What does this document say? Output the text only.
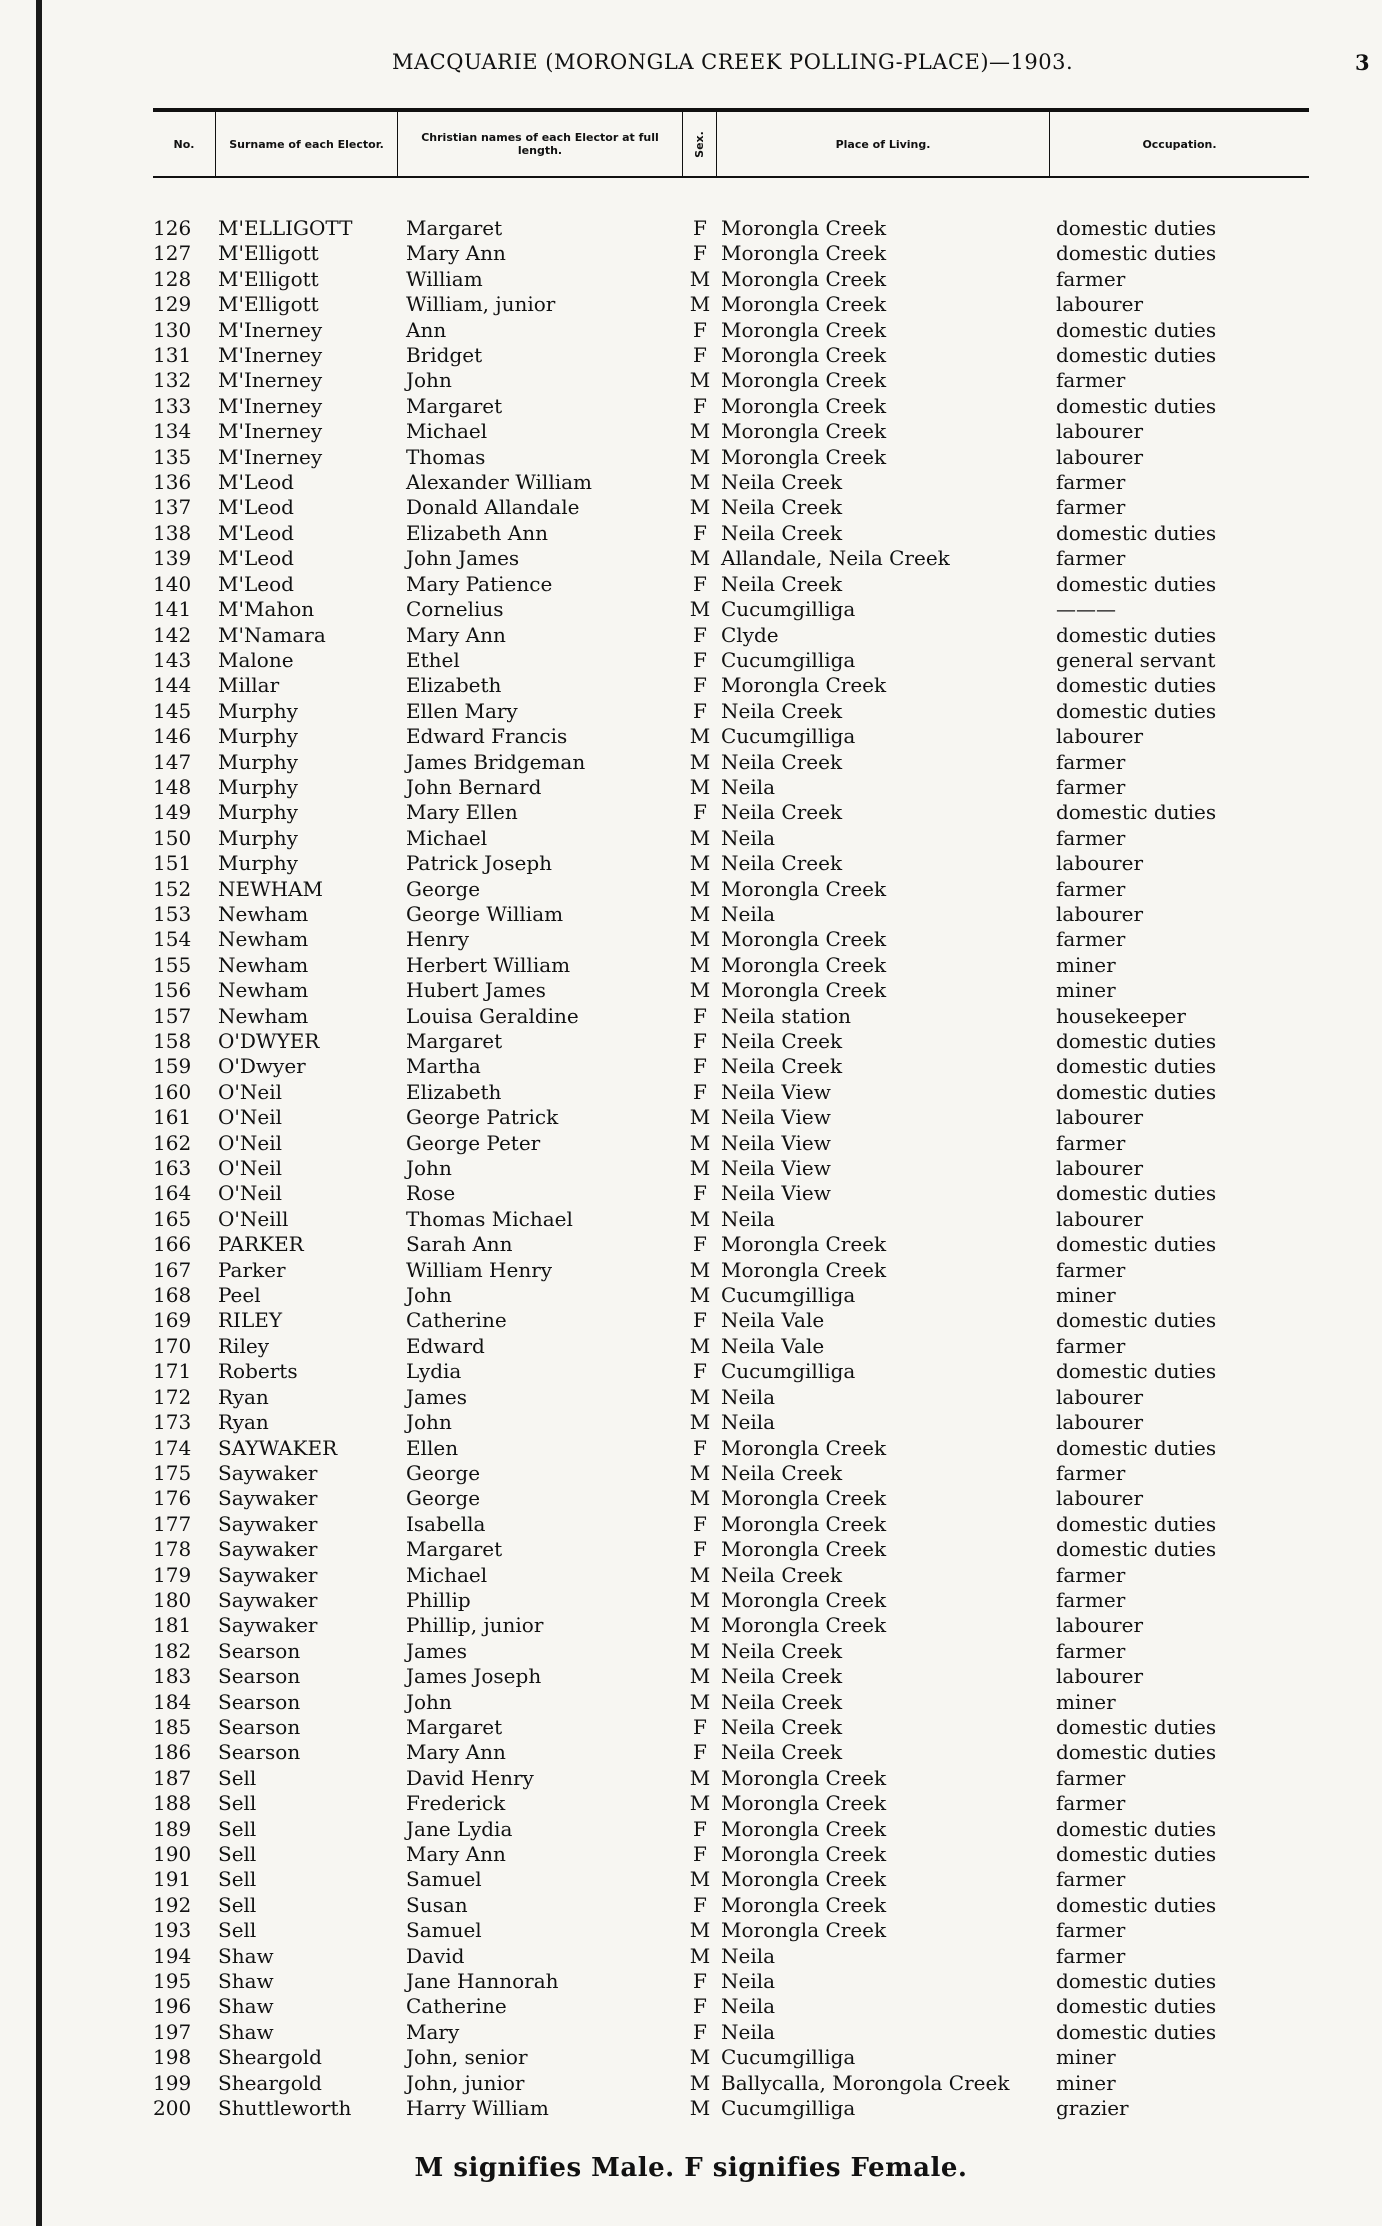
MACQUARIE (MORONGLA CREEK POLLING-PLACE)—1903.	3
No.	Surname of each Elector.	Christian names of each Elector at full length.	Sex.	Place of Living.	Occupation.
126	M'ELLIGOTT	Margaret	F Morongla Creek	domestic duties
127	M'Elligott	Mary Ann	F Morongla Creek	domestic duties
128	M'Elligott	William	M Morongla Creek	farmer
129	M'Elligott	William, junior	M Morongla Creek	labourer
130	M'Inerney	Ann	F Morongla Creek	domestic duties
131	M'Inerney	Bridget	F Morongla Creek	domestic duties
132	M'Inerney	John	M Morongla Creek	farmer
133	M'Inerney	Margaret	F Morongla Creek	domestic duties
134	M'Inerney	Michael	M Morongla Creek	labourer
135	M'Inerney	Thomas	M Morongla Creek	labourer
136	M'Leod	Alexander William	M Neila Creek	farmer
137	M'Leod	Donald Allandale	M Neila Creek	farmer
138	M'Leod	Elizabeth Ann	F Neila Creek	domestic duties
139	M'Leod	John James	M Allandale, Neila Creek	farmer
140	M'Leod	Mary Patience	F Neila Creek	domestic duties
141	M'Mahon	Cornelius	M Cucumgilliga	———
142	M'Namara	Mary Ann	F Clyde	domestic duties
143	Malone	Ethel	F Cucumgilliga	general servant
144	Millar	Elizabeth	F Morongla Creek	domestic duties
145	Murphy	Ellen Mary	F Neila Creek	domestic duties
146	Murphy	Edward Francis	M Cucumgilliga	labourer
147	Murphy	James Bridgeman	M Neila Creek	farmer
148	Murphy	John Bernard	M Neila	farmer
149	Murphy	Mary Ellen	F Neila Creek	domestic duties
150	Murphy	Michael	M Neila	farmer
151	Murphy	Patrick Joseph	M Neila Creek	labourer
152	NEWHAM	George	M Morongla Creek	farmer
153	Newham	George William	M Neila	labourer
154	Newham	Henry	M Morongla Creek	farmer
155	Newham	Herbert William	M Morongla Creek	miner
156	Newham	Hubert James	M Morongla Creek	miner
157	Newham	Louisa Geraldine	F Neila station	housekeeper
158	O'DWYER	Margaret	F Neila Creek	domestic duties
159	O'Dwyer	Martha	F Neila Creek	domestic duties
160	O'Neil	Elizabeth	F Neila View	domestic duties
161	O'Neil	George Patrick	M Neila View	labourer
162	O'Neil	George Peter	M Neila View	farmer
163	O'Neil	John	M Neila View	labourer
164	O'Neil	Rose	F Neila View	domestic duties
165	O'Neill	Thomas Michael	M Neila	labourer
166	PARKER	Sarah Ann	F Morongla Creek	domestic duties
167	Parker	William Henry	M Morongla Creek	farmer
168	Peel	John	M Cucumgilliga	miner
169	RILEY	Catherine	F Neila Vale	domestic duties
170	Riley	Edward	M Neila Vale	farmer
171	Roberts	Lydia	F Cucumgilliga	domestic duties
172	Ryan	James	M Neila	labourer
173	Ryan	John	M Neila	labourer
174	SAYWAKER	Ellen	F Morongla Creek	domestic duties
175	Saywaker	George	M Neila Creek	farmer
176	Saywaker	George	M Morongla Creek	labourer
177	Saywaker	Isabella	F Morongla Creek	domestic duties
178	Saywaker	Margaret	F Morongla Creek	domestic duties
179	Saywaker	Michael	M Neila Creek	farmer
180	Saywaker	Phillip	M Morongla Creek	farmer
181	Saywaker	Phillip, junior	M Morongla Creek	labourer
182	Searson	James	M Neila Creek	farmer
183	Searson	James Joseph	M Neila Creek	labourer
184	Searson	John	M Neila Creek	miner
185	Searson	Margaret	F Neila Creek	domestic duties
186	Searson	Mary Ann	F Neila Creek	domestic duties
187	Sell	David Henry	M Morongla Creek	farmer
188	Sell	Frederick	M Morongla Creek	farmer
189	Sell	Jane Lydia	F Morongla Creek	domestic duties
190	Sell	Mary Ann	F Morongla Creek	domestic duties
191	Sell	Samuel	M Morongla Creek	farmer
192	Sell	Susan	F Morongla Creek	domestic duties
193	Sell	Samuel	M Morongla Creek	farmer
194	Shaw	David	M Neila	farmer
195	Shaw	Jane Hannorah	F Neila	domestic duties
196	Shaw	Catherine	F Neila	domestic duties
197	Shaw	Mary	F Neila	domestic duties
198	Sheargold	John, senior	M Cucumgilliga	miner
199	Sheargold	John, junior	M Ballycalla, Morongola Creek	miner
200	Shuttleworth	Harry William	M Cucumgilliga	grazier
M signifies Male. F signifies Female.
